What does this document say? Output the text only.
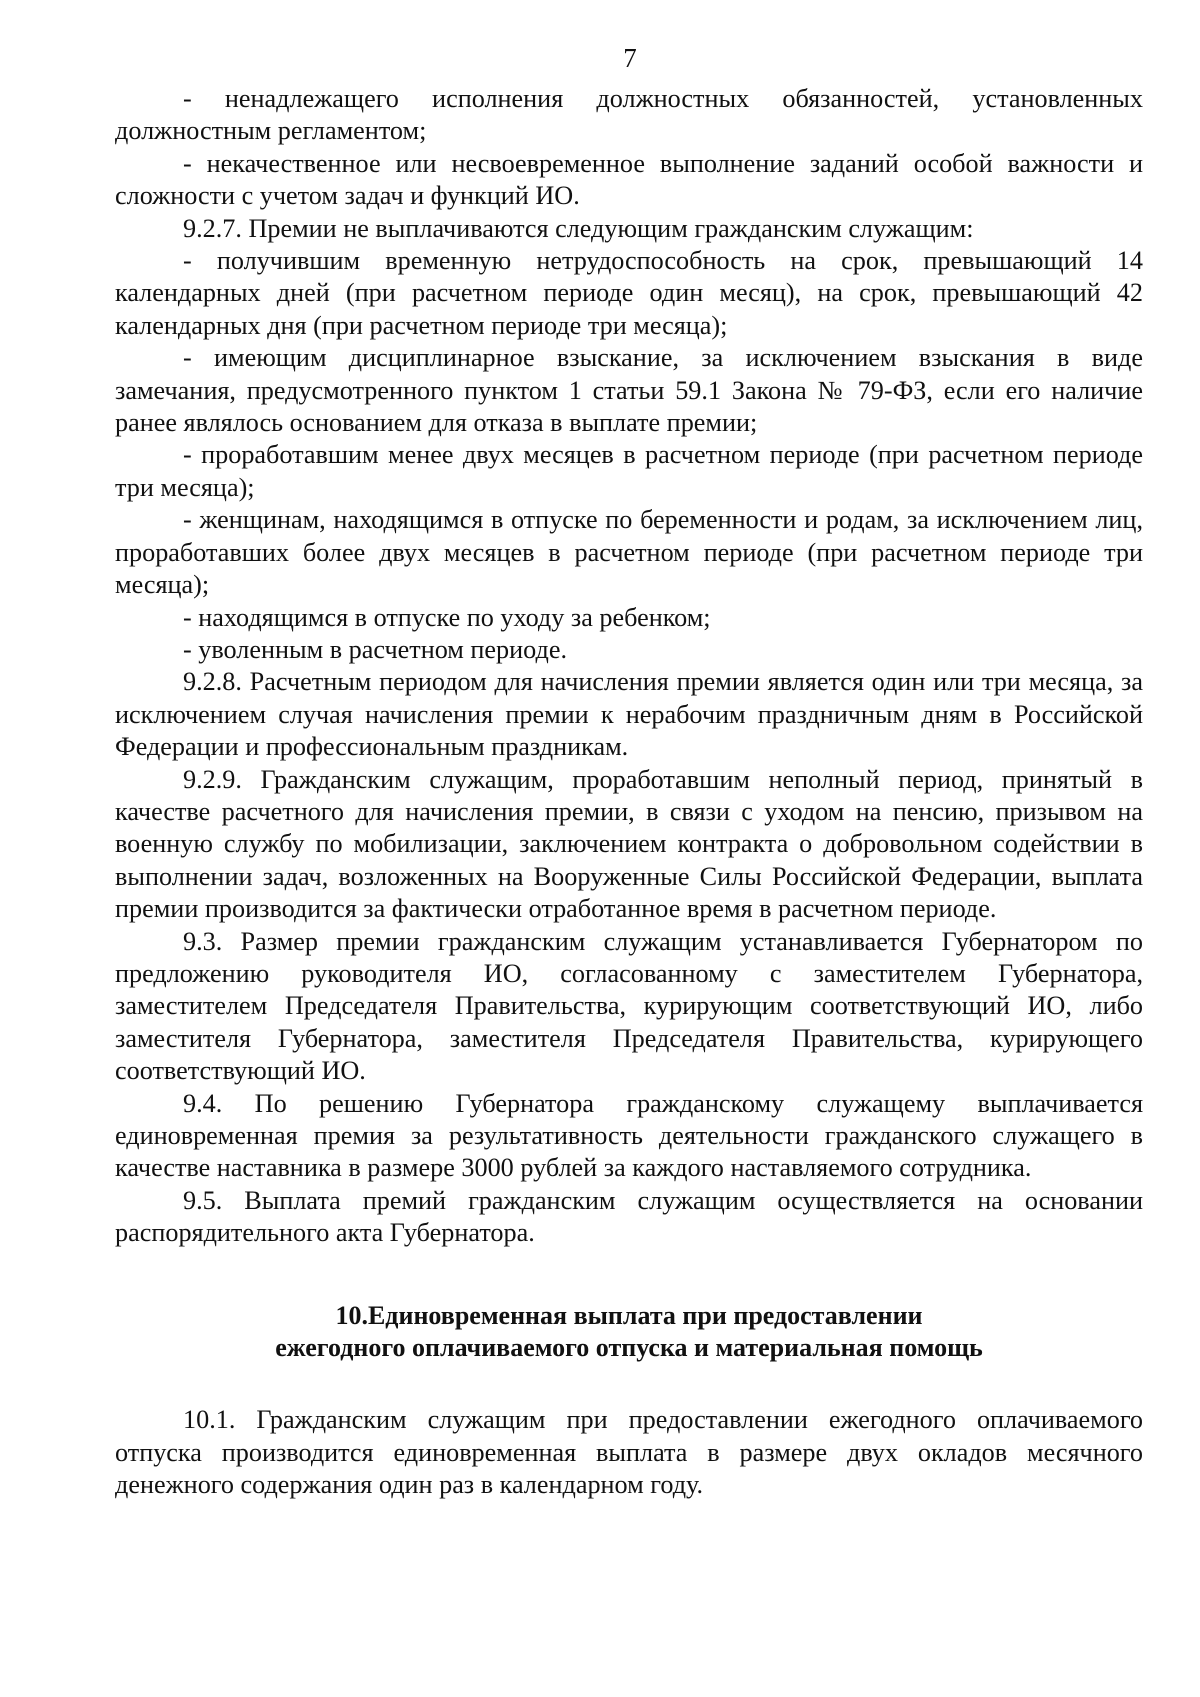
7

- ненадлежащего исполнения должностных обязанностей, установленных должностным регламентом;

- некачественное или несвоевременное выполнение заданий особой важности и сложности с учетом задач и функций ИО.

9.2.7. Премии не выплачиваются следующим гражданским служащим:

- получившим временную нетрудоспособность на срок, превышающий 14 календарных дней (при расчетном периоде один месяц), на срок, превышающий 42 календарных дня (при расчетном периоде три месяца);

- имеющим дисциплинарное взыскание, за исключением взыскания в виде замечания, предусмотренного пунктом 1 статьи 59.1 Закона № 79-ФЗ, если его наличие ранее являлось основанием для отказа в выплате премии;

- проработавшим менее двух месяцев в расчетном периоде (при расчетном периоде три месяца);

- женщинам, находящимся в отпуске по беременности и родам, за исключением лиц, проработавших более двух месяцев в расчетном периоде (при расчетном периоде три месяца);

- находящимся в отпуске по уходу за ребенком;

- уволенным в расчетном периоде.

9.2.8. Расчетным периодом для начисления премии является один или три месяца, за исключением случая начисления премии к нерабочим праздничным дням в Российской Федерации и профессиональным праздникам.

9.2.9. Гражданским служащим, проработавшим неполный период, принятый в качестве расчетного для начисления премии, в связи с уходом на пенсию, призывом на военную службу по мобилизации, заключением контракта о добровольном содействии в выполнении задач, возложенных на Вооруженные Силы Российской Федерации, выплата премии производится за фактически отработанное время в расчетном периоде.

9.3. Размер премии гражданским служащим устанавливается Губернатором по предложению руководителя ИО, согласованному с заместителем Губернатора, заместителем Председателя Правительства, курирующим соответствующий ИО, либо заместителя Губернатора, заместителя Председателя Правительства, курирующего соответствующий ИО.

9.4. По решению Губернатора гражданскому служащему выплачивается единовременная премия за результативность деятельности гражданского служащего в качестве наставника в размере 3000 рублей за каждого наставляемого сотрудника.

9.5. Выплата премий гражданским служащим осуществляется на основании распорядительного акта Губернатора.

10.Единовременная выплата при предоставлении
ежегодного оплачиваемого отпуска и материальная помощь

10.1. Гражданским служащим при предоставлении ежегодного оплачиваемого отпуска производится единовременная выплата в размере двух окладов месячного денежного содержания один раз в календарном году.
